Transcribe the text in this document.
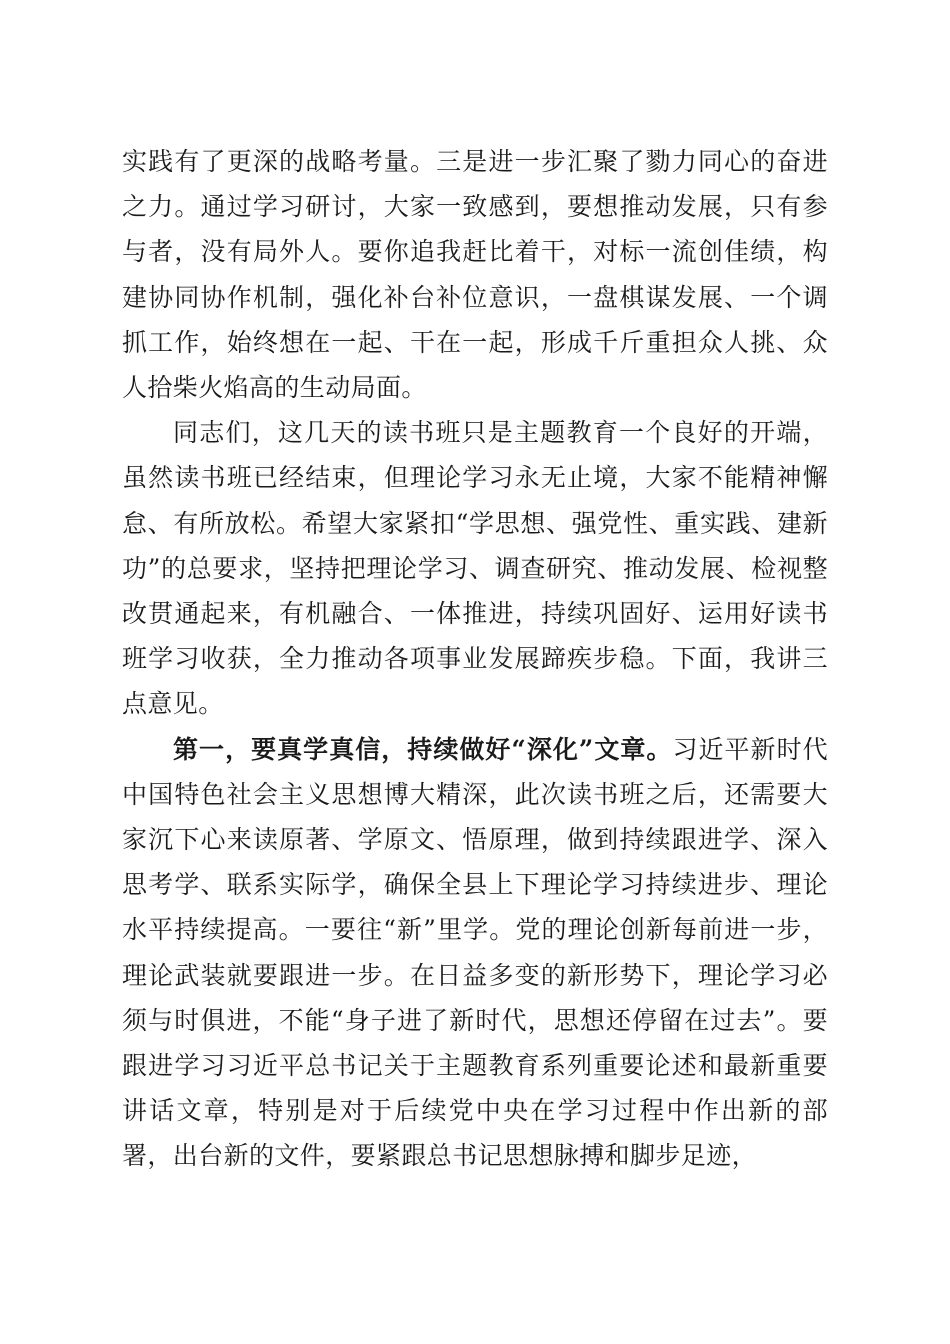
实践有了更深的战略考量。三是进一步汇聚了勠力同心的奋进之力。通过学习研讨，大家一致感到，要想推动发展，只有参与者，没有局外人。要你追我赶比着干，对标一流创佳绩，构建协同协作机制，强化补台补位意识，一盘棋谋发展、一个调抓工作，始终想在一起、干在一起，形成千斤重担众人挑、众人拾柴火焰高的生动局面。

同志们，这几天的读书班只是主题教育一个良好的开端，虽然读书班已经结束，但理论学习永无止境，大家不能精神懈怠、有所放松。希望大家紧扣“学思想、强党性、重实践、建新功”的总要求，坚持把理论学习、调查研究、推动发展、检视整改贯通起来，有机融合、一体推进，持续巩固好、运用好读书班学习收获，全力推动各项事业发展蹄疾步稳。下面，我讲三点意见。

第一，要真学真信，持续做好“深化”文章。习近平新时代中国特色社会主义思想博大精深，此次读书班之后，还需要大家沉下心来读原著、学原文、悟原理，做到持续跟进学、深入思考学、联系实际学，确保全县上下理论学习持续进步、理论水平持续提高。一要往“新”里学。党的理论创新每前进一步，理论武装就要跟进一步。在日益多变的新形势下，理论学习必须与时俱进，不能“身子进了新时代，思想还停留在过去”。要跟进学习习近平总书记关于主题教育系列重要论述和最新重要讲话文章，特别是对于后续党中央在学习过程中作出新的部署，出台新的文件，要紧跟总书记思想脉搏和脚步足迹，
